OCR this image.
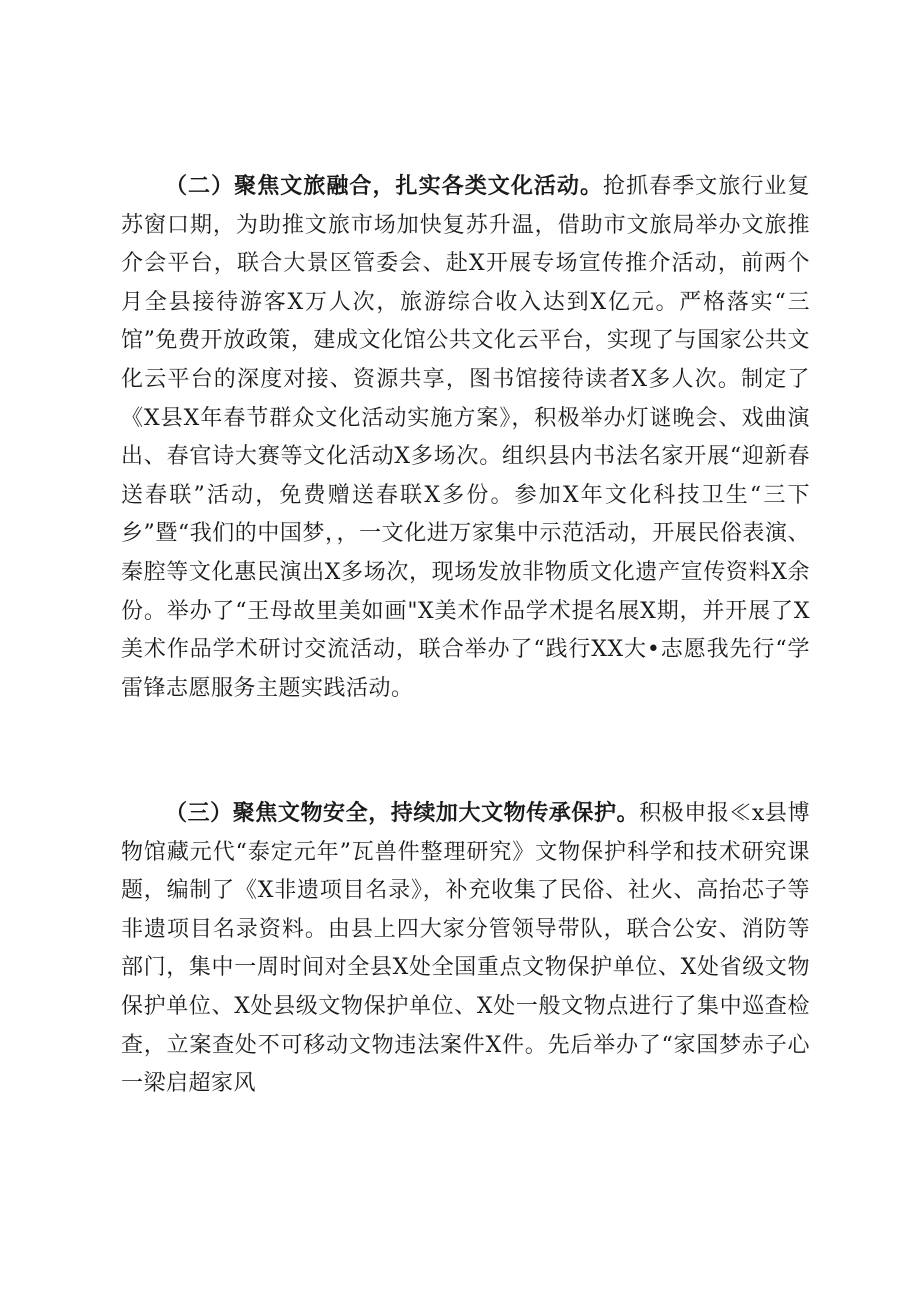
（二）聚焦文旅融合，扎实各类文化活动。抢抓春季文旅行业复苏窗口期，为助推文旅市场加快复苏升温，借助市文旅局举办文旅推介会平台，联合大景区管委会、赴X开展专场宣传推介活动，前两个月全县接待游客X万人次，旅游综合收入达到X亿元。严格落实“三馆”免费开放政策，建成文化馆公共文化云平台，实现了与国家公共文化云平台的深度对接、资源共享，图书馆接待读者X多人次。制定了《X县X年春节群众文化活动实施方案》，积极举办灯谜晚会、戏曲演出、春官诗大赛等文化活动X多场次。组织县内书法名家开展“迎新春送春联”活动，免费赠送春联X多份。参加X年文化科技卫生“三下乡”暨“我们的中国梦，，一文化进万家集中示范活动，开展民俗表演、秦腔等文化惠民演出X多场次，现场发放非物质文化遗产宣传资料X余份。举办了“王母故里美如画"X美术作品学术提名展X期，并开展了X美术作品学术研讨交流活动，联合举办了“践行XX大•志愿我先行“学雷锋志愿服务主题实践活动。

（三）聚焦文物安全，持续加大文物传承保护。积极申报≪x县博物馆藏元代“泰定元年”瓦兽件整理研究》文物保护科学和技术研究课题，编制了《X非遗项目名录》，补充收集了民俗、社火、高抬芯子等非遗项目名录资料。由县上四大家分管领导带队，联合公安、消防等部门，集中一周时间对全县X处全国重点文物保护单位、X处省级文物保护单位、X处县级文物保护单位、X处一般文物点进行了集中巡查检查，立案查处不可移动文物违法案件X件。先后举办了“家国梦赤子心一梁启超家风
